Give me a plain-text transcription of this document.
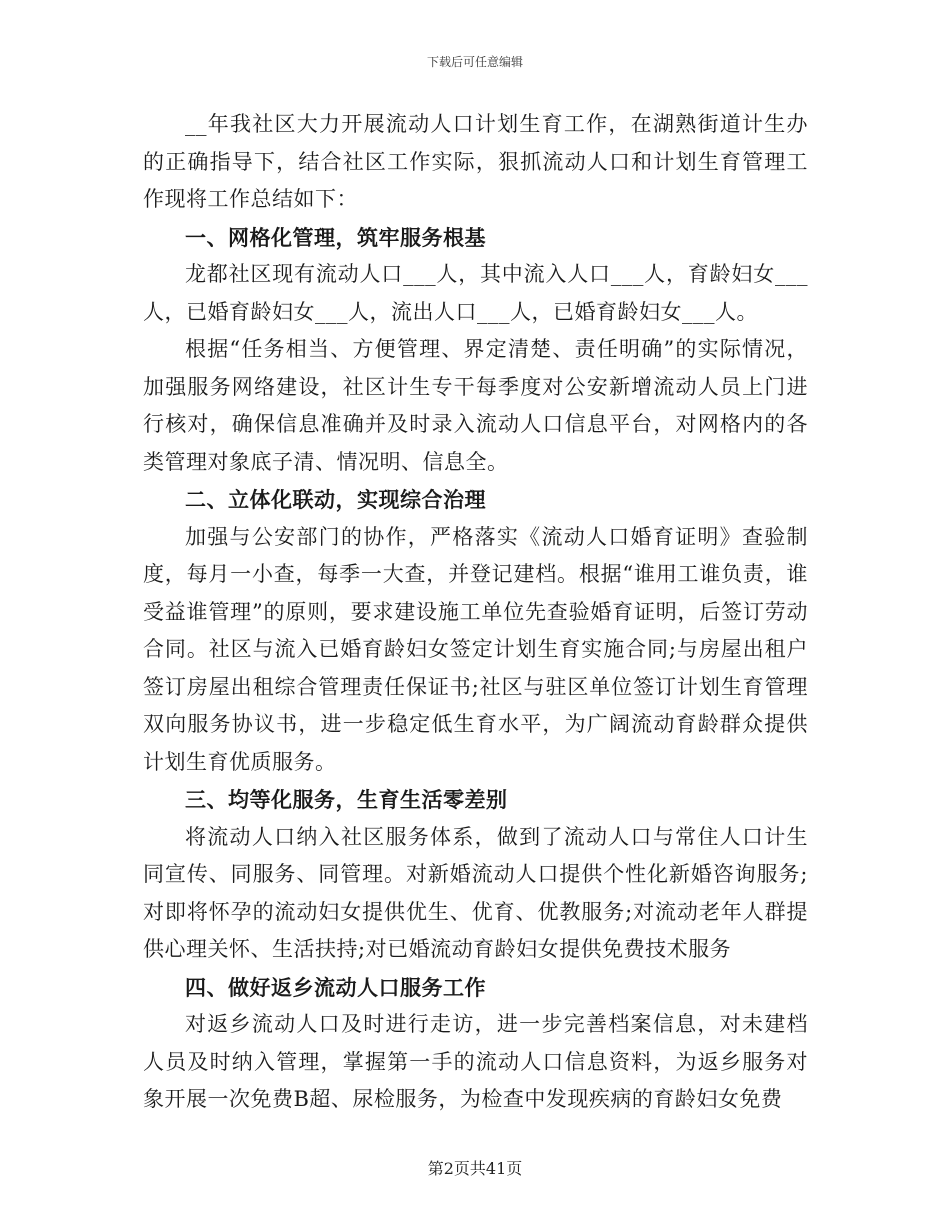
下载后可任意编辑

__年我社区大力开展流动人口计划生育工作，在湖熟街道计生办的正确指导下，结合社区工作实际，狠抓流动人口和计划生育管理工作现将工作总结如下：

一、网格化管理，筑牢服务根基

龙都社区现有流动人口___人，其中流入人口___人，育龄妇女___人，已婚育龄妇女___人，流出人口___人，已婚育龄妇女___人。

根据“任务相当、方便管理、界定清楚、责任明确”的实际情况，加强服务网络建设，社区计生专干每季度对公安新增流动人员上门进行核对，确保信息准确并及时录入流动人口信息平台，对网格内的各类管理对象底子清、情况明、信息全。

二、立体化联动，实现综合治理

加强与公安部门的协作，严格落实《流动人口婚育证明》查验制度，每月一小查，每季一大查，并登记建档。根据“谁用工谁负责，谁受益谁管理”的原则，要求建设施工单位先查验婚育证明，后签订劳动合同。社区与流入已婚育龄妇女签定计划生育实施合同;与房屋出租户签订房屋出租综合管理责任保证书;社区与驻区单位签订计划生育管理双向服务协议书，进一步稳定低生育水平，为广阔流动育龄群众提供计划生育优质服务。

三、均等化服务，生育生活零差别

将流动人口纳入社区服务体系，做到了流动人口与常住人口计生同宣传、同服务、同管理。对新婚流动人口提供个性化新婚咨询服务;对即将怀孕的流动妇女提供优生、优育、优教服务;对流动老年人群提供心理关怀、生活扶持;对已婚流动育龄妇女提供免费技术服务

四、做好返乡流动人口服务工作

对返乡流动人口及时进行走访，进一步完善档案信息，对未建档人员及时纳入管理，掌握第一手的流动人口信息资料，为返乡服务对象开展一次免费B超、尿检服务，为检查中发现疾病的育龄妇女免费

第2页共41页
